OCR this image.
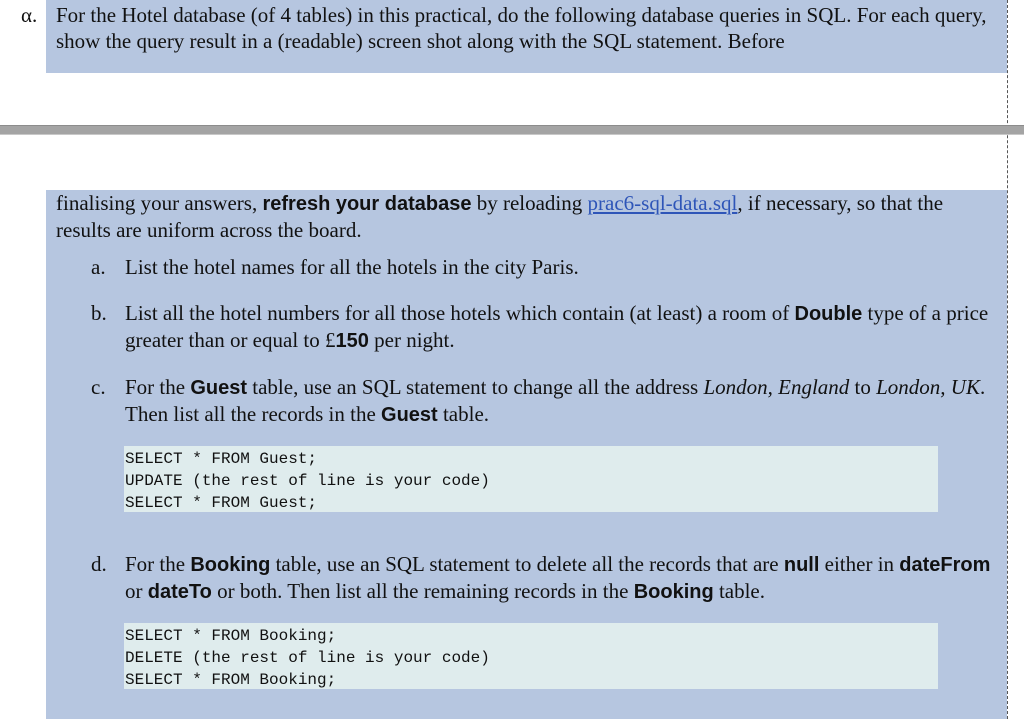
α. For the Hotel database (of 4 tables) in this practical, do the following database queries in SQL. For each query, show the query result in a (readable) screen shot along with the SQL statement. Before

finalising your answers, refresh your database by reloading prac6-sql-data.sql, if necessary, so that the results are uniform across the board.

a. List the hotel names for all the hotels in the city Paris.

b. List all the hotel numbers for all those hotels which contain (at least) a room of Double type of a price greater than or equal to £150 per night.

c. For the Guest table, use an SQL statement to change all the address London, England to London, UK. Then list all the records in the Guest table.

SELECT * FROM Guest;
UPDATE (the rest of line is your code)
SELECT * FROM Guest;
d. For the Booking table, use an SQL statement to delete all the records that are null either in dateFrom or dateTo or both. Then list all the remaining records in the Booking table.

SELECT * FROM Booking;
DELETE (the rest of line is your code)
SELECT * FROM Booking;
